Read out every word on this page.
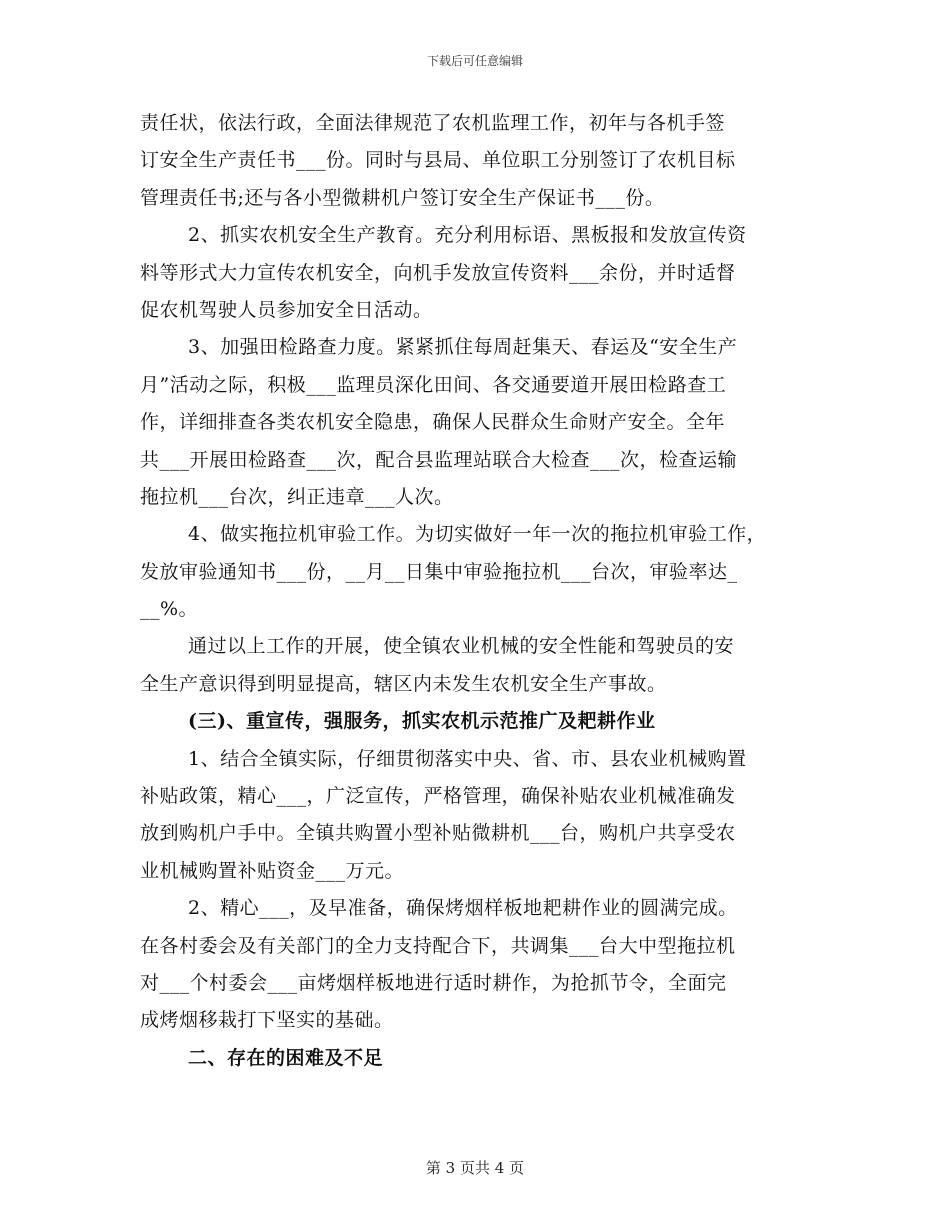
下载后可任意编辑
责任状，依法行政，全面法律规范了农机监理工作，初年与各机手签
订安全生产责任书___份。同时与县局、单位职工分别签订了农机目标
管理责任书;还与各小型微耕机户签订安全生产保证书___份。
2、抓实农机安全生产教育。充分利用标语、黑板报和发放宣传资
料等形式大力宣传农机安全，向机手发放宣传资料___余份，并时适督
促农机驾驶人员参加安全日活动。
3、加强田检路查力度。紧紧抓住每周赶集天、春运及“安全生产
月”活动之际，积极___监理员深化田间、各交通要道开展田检路查工
作，详细排查各类农机安全隐患，确保人民群众生命财产安全。全年
共___开展田检路查___次，配合县监理站联合大检查___次，检查运输
拖拉机___台次，纠正违章___人次。
4、做实拖拉机审验工作。为切实做好一年一次的拖拉机审验工作，
发放审验通知书___份，__月__日集中审验拖拉机___台次，审验率达_
__%。
通过以上工作的开展，使全镇农业机械的安全性能和驾驶员的安
全生产意识得到明显提高，辖区内未发生农机安全生产事故。
(三)、重宣传，强服务，抓实农机示范推广及耙耕作业
1、结合全镇实际，仔细贯彻落实中央、省、市、县农业机械购置
补贴政策，精心___，广泛宣传，严格管理，确保补贴农业机械准确发
放到购机户手中。全镇共购置小型补贴微耕机___台，购机户共享受农
业机械购置补贴资金___万元。
2、精心___，及早准备，确保烤烟样板地耙耕作业的圆满完成。
在各村委会及有关部门的全力支持配合下，共调集___台大中型拖拉机
对___个村委会___亩烤烟样板地进行适时耕作，为抢抓节令，全面完
成烤烟移栽打下坚实的基础。
二、存在的困难及不足
第 3 页共 4 页
